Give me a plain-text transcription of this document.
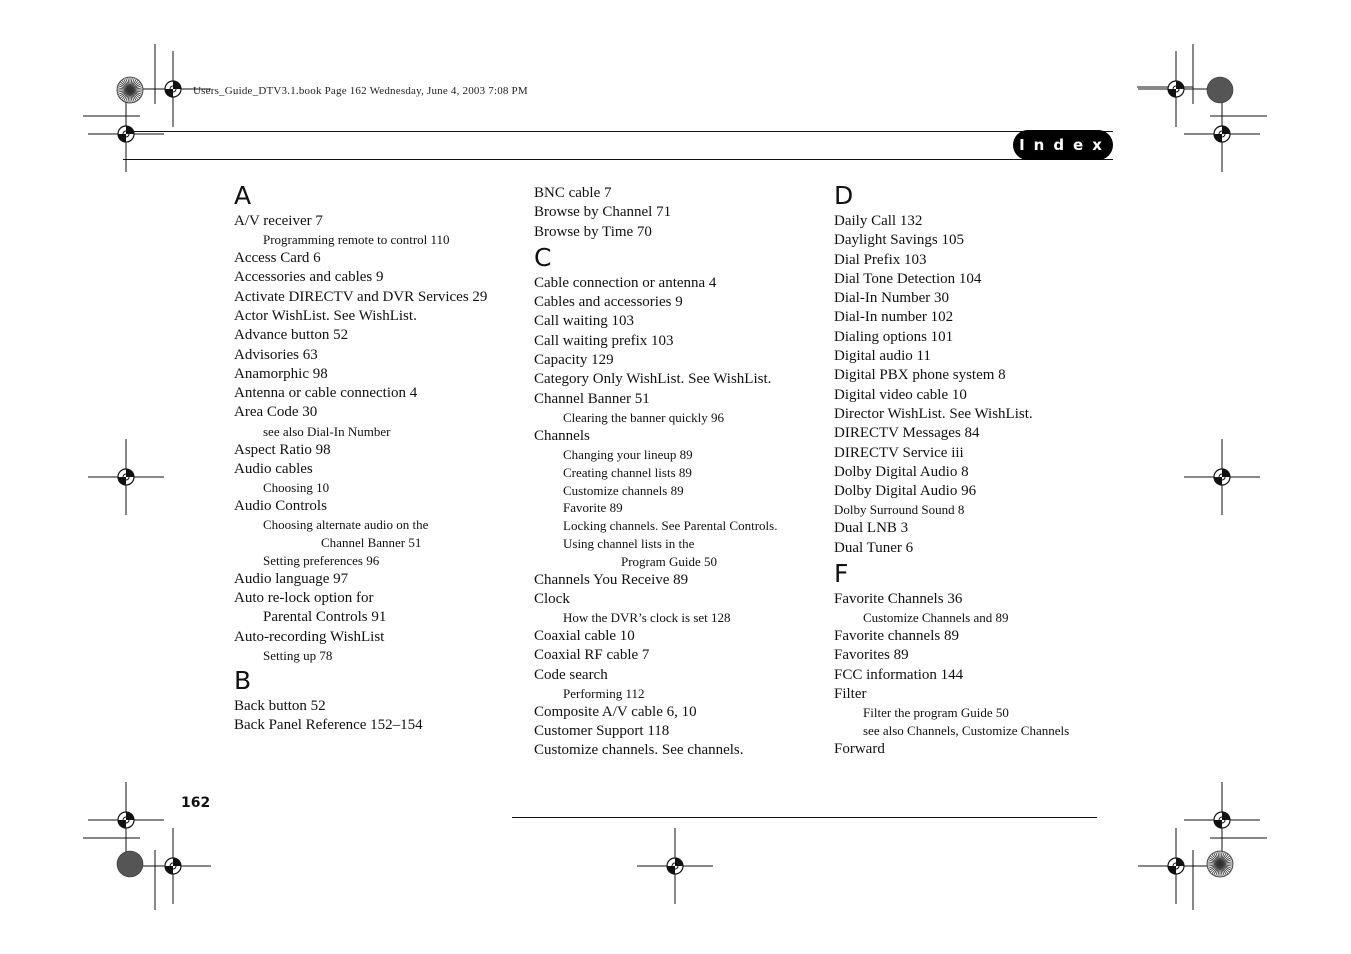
Users_Guide_DTV3.1.book Page 162 Wednesday, June 4, 2003 7:08 PM
Index
A
A/V receiver 7
Programming remote to control 110
Access Card 6
Accessories and cables 9
Activate DIRECTV and DVR Services 29
Actor WishList. See WishList.
Advance button 52
Advisories 63
Anamorphic 98
Antenna or cable connection 4
Area Code 30
see also Dial-In Number
Aspect Ratio 98
Audio cables
Choosing 10
Audio Controls
Choosing alternate audio on the
Channel Banner 51
Setting preferences 96
Audio language 97
Auto re-lock option for
Parental Controls 91
Auto-recording WishList
Setting up 78
B
Back button 52
Back Panel Reference 152–154
BNC cable 7
Browse by Channel 71
Browse by Time 70
C
Cable connection or antenna 4
Cables and accessories 9
Call waiting 103
Call waiting prefix 103
Capacity 129
Category Only WishList. See WishList.
Channel Banner 51
Clearing the banner quickly 96
Channels
Changing your lineup 89
Creating channel lists 89
Customize channels 89
Favorite 89
Locking channels. See Parental Controls.
Using channel lists in the
Program Guide 50
Channels You Receive 89
Clock
How the DVR’s clock is set 128
Coaxial cable 10
Coaxial RF cable 7
Code search
Performing 112
Composite A/V cable 6, 10
Customer Support 118
Customize channels. See channels.
D
Daily Call 132
Daylight Savings 105
Dial Prefix 103
Dial Tone Detection 104
Dial-In Number 30
Dial-In number 102
Dialing options 101
Digital audio 11
Digital PBX phone system 8
Digital video cable 10
Director WishList. See WishList.
DIRECTV Messages 84
DIRECTV Service iii
Dolby Digital Audio 8
Dolby Digital Audio 96
Dolby Surround Sound 8
Dual LNB 3
Dual Tuner 6
F
Favorite Channels 36
Customize Channels and 89
Favorite channels 89
Favorites 89
FCC information 144
Filter
Filter the program Guide 50
see also Channels, Customize Channels
Forward
162
